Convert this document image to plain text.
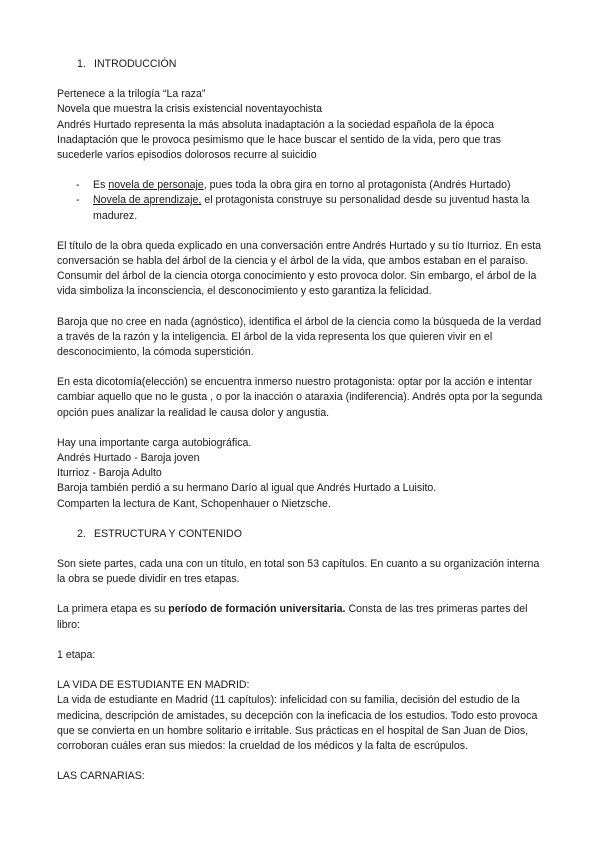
1. INTRODUCCIÓN

Pertenece a la trilogía “La raza”

Novela que muestra la crisis existencial noventayochista

Andrés Hurtado representa la más absoluta inadaptación a la sociedad española de la época

Inadaptación que le provoca pesimismo que le hace buscar el sentido de la vida, pero que tras sucederle varios episodios dolorosos recurre al suicidio

-	Es novela de personaje, pues toda la obra gira en torno al protagonista (Andrés Hurtado)
-	Novela de aprendizaje, el protagonista construye su personalidad desde su juventud hasta la madurez.

El título de la obra queda explicado en una conversación entre Andrés Hurtado y su tío Iturrioz. En esta conversación se habla del árbol de la ciencia y el árbol de la vida, que ambos estaban en el paraíso. Consumir del árbol de la ciencia otorga conocimiento y esto provoca dolor. Sin embargo, el árbol de la vida simboliza la inconsciencia, el desconocimiento y esto garantiza la felicidad.

Baroja que no cree en nada (agnóstico), identifica el árbol de la ciencia como la búsqueda de la verdad a través de la razón y la inteligencia. El árbol de la vida representa los que quieren vivir en el desconocimiento, la cómoda superstición.

En esta dicotomía(elección) se encuentra inmerso nuestro protagonista: optar por la acción e intentar cambiar aquello que no le gusta , o por la inacción o ataraxia (indiferencia). Andrés opta por la segunda opción pues analizar la realidad le causa dolor y angustia.

Hay una importante carga autobiográfica.

Andrés Hurtado - Baroja joven

Iturrioz - Baroja Adulto

Baroja también perdió a su hermano Darío al igual que Andrés Hurtado a Luisito.

Comparten la lectura de Kant, Schopenhauer o Nietzsche.

2. ESTRUCTURA Y CONTENIDO

Son siete partes, cada una con un título, en total son 53 capítulos. En cuanto a su organización interna la obra se puede dividir en tres etapas.

La primera etapa es su período de formación universitaria. Consta de las tres primeras partes del libro:

1 etapa:

LA VIDA DE ESTUDIANTE EN MADRID:

La vida de estudiante en Madrid (11 capítulos): infelicidad con su familia, decisión del estudio de la medicina, descripción de amistades, su decepción con la ineficacia de los estudios. Todo esto provoca que se convierta en un hombre solitario e irritable. Sus prácticas en el hospital de San Juan de Dios, corroboran cuáles eran sus miedos: la crueldad de los médicos y la falta de escrúpulos.

LAS CARNARIAS:
